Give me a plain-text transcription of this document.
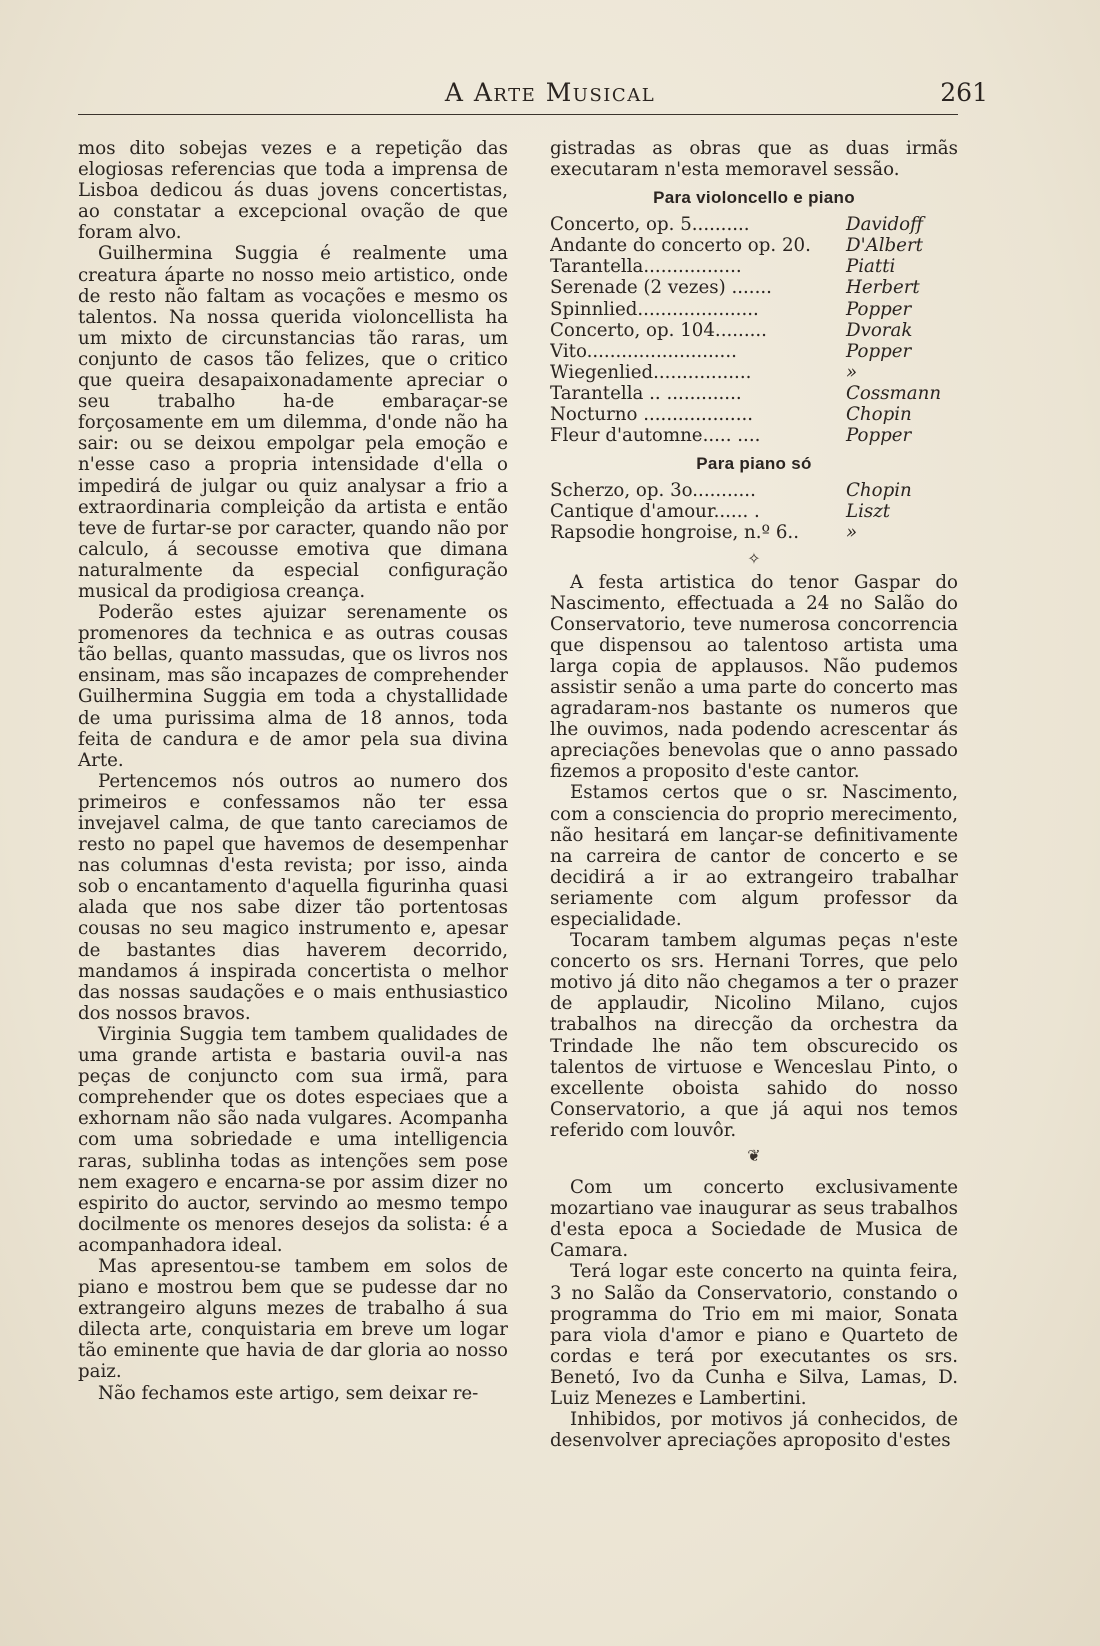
A Arte Musical	261

mos dito sobejas vezes e a repetição das elogiosas referencias que toda a imprensa de Lisboa dedicou ás duas jovens concertistas, ao constatar a excepcional ovação de que foram alvo.

Guilhermina Suggia é realmente uma creatura áparte no nosso meio artistico, onde de resto não faltam as vocações e mesmo os talentos. Na nossa querida violoncellista ha um mixto de circunstancias tão raras, um conjunto de casos tão felizes, que o critico que queira desapaixonadamente apreciar o seu trabalho ha-de embaraçar-se forçosamente em um dilemma, d'onde não ha sair: ou se deixou empolgar pela emoção e n'esse caso a propria intensidade d'ella o impedirá de julgar ou quiz analysar a frio a extraordinaria compleição da artista e então teve de furtar-se por caracter, quando não por calculo, á secousse emotiva que dimana naturalmente da especial configuração musical da prodigiosa creança.

Poderão estes ajuizar serenamente os promenores da technica e as outras cousas tão bellas, quanto massudas, que os livros nos ensinam, mas são incapazes de comprehender Guilhermina Suggia em toda a chystallidade de uma purissima alma de 18 annos, toda feita de candura e de amor pela sua divina Arte.

Pertencemos nós outros ao numero dos primeiros e confessamos não ter essa invejavel calma, de que tanto careciamos de resto no papel que havemos de desempenhar nas columnas d'esta revista; por isso, ainda sob o encantamento d'aquella figurinha quasi alada que nos sabe dizer tão portentosas cousas no seu magico instrumento e, apesar de bastantes dias haverem decorrido, mandamos á inspirada concertista o melhor das nossas saudações e o mais enthusiastico dos nossos bravos.

Virginia Suggia tem tambem qualidades de uma grande artista e bastaria ouvil-a nas peças de conjuncto com sua irmã, para comprehender que os dotes especiaes que a exhornam não são nada vulgares. Acompanha com uma sobriedade e uma intelligencia raras, sublinha todas as intenções sem pose nem exagero e encarna-se por assim dizer no espirito do auctor, servindo ao mesmo tempo docilmente os menores desejos da solista: é a acompanhadora ideal.

Mas apresentou-se tambem em solos de piano e mostrou bem que se pudesse dar no extrangeiro alguns mezes de trabalho á sua dilecta arte, conquistaria em breve um logar tão eminente que havia de dar gloria ao nosso paiz.

Não fechamos este artigo, sem deixar re-

gistradas as obras que as duas irmãs executaram n'esta memoravel sessão.

Para violoncello e piano
Concerto, op. 5..........	Davidoff
Andante do concerto op. 20.	D'Albert
Tarantella.................	Piatti
Serenade (2 vezes) .......	Herbert
Spinnlied.....................	Popper
Concerto, op. 104.........	Dvorak
Vito..........................	Popper
Wiegenlied.................	»
Tarantella .. .............	Cossmann
Nocturno ...................	Chopin
Fleur d'automne..... ....	Popper
Para piano só
Scherzo, op. 3o...........	Chopin
Cantique d'amour...... .	Liszt
Rapsodie hongroise, n.º 6..	»
✧

A festa artistica do tenor Gaspar do Nascimento, effectuada a 24 no Salão do Conservatorio, teve numerosa concorrencia que dispensou ao talentoso artista uma larga copia de applausos. Não pudemos assistir senão a uma parte do concerto mas agradaram-nos bastante os numeros que lhe ouvimos, nada podendo acrescentar ás apreciações benevolas que o anno passado fizemos a proposito d'este cantor.

Estamos certos que o sr. Nascimento, com a consciencia do proprio merecimento, não hesitará em lançar-se definitivamente na carreira de cantor de concerto e se decidirá a ir ao extrangeiro trabalhar seriamente com algum professor da especialidade.

Tocaram tambem algumas peças n'este concerto os srs. Hernani Torres, que pelo motivo já dito não chegamos a ter o prazer de applaudir, Nicolino Milano, cujos trabalhos na direcção da orchestra da Trindade lhe não tem obscurecido os talentos de virtuose e Wenceslau Pinto, o excellente oboista sahido do nosso Conservatorio, a que já aqui nos temos referido com louvôr.

❦

Com um concerto exclusivamente mozartiano vae inaugurar as seus trabalhos d'esta epoca a Sociedade de Musica de Camara.

Terá logar este concerto na quinta feira, 3 no Salão da Conservatorio, constando o programma do Trio em mi maior, Sonata para viola d'amor e piano e Quarteto de cordas e terá por executantes os srs. Benetó, Ivo da Cunha e Silva, Lamas, D. Luiz Menezes e Lambertini.

Inhibidos, por motivos já conhecidos, de desenvolver apreciações aproposito d'estes
